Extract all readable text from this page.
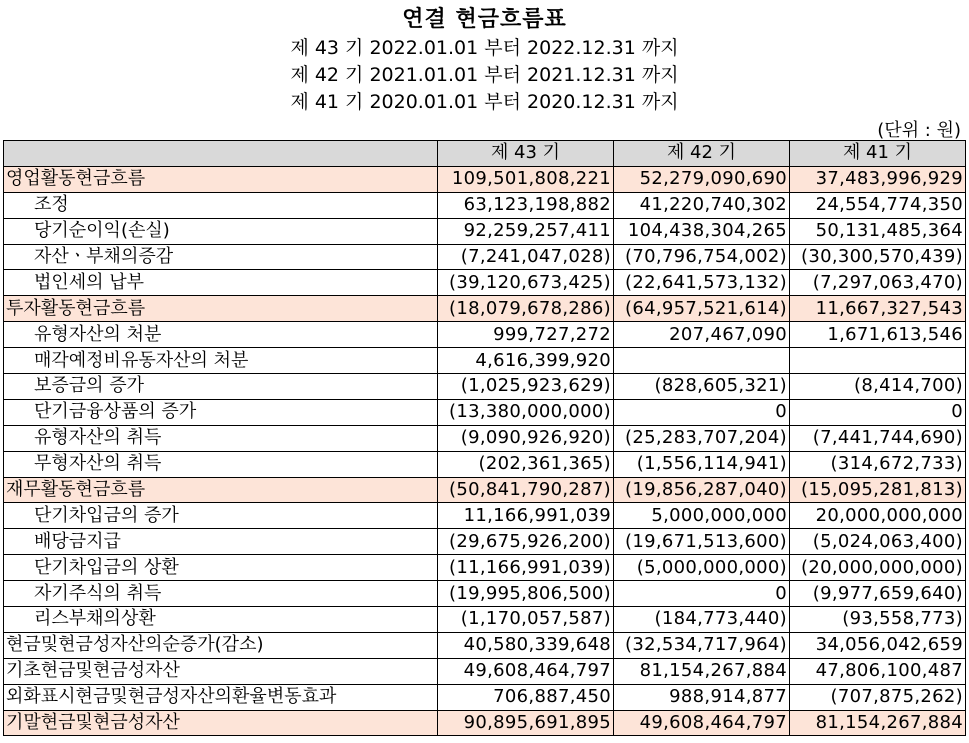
연결 현금흐름표
제 43 기 2022.01.01 부터 2022.12.31 까지
제 42 기 2021.01.01 부터 2021.12.31 까지
제 41 기 2020.01.01 부터 2020.12.31 까지
(단위 : 원)
	제 43 기	제 42 기	제 41 기
영업활동현금흐름	109,501,808,221	52,279,090,690	37,483,996,929
조정	63,123,198,882	41,220,740,302	24,554,774,350
당기순이익(손실)	92,259,257,411	104,438,304,265	50,131,485,364
자산ㆍ부채의증감	(7,241,047,028)	(70,796,754,002)	(30,300,570,439)
법인세의 납부	(39,120,673,425)	(22,641,573,132)	(7,297,063,470)
투자활동현금흐름	(18,079,678,286)	(64,957,521,614)	11,667,327,543
유형자산의 처분	999,727,272	207,467,090	1,671,613,546
매각예정비유동자산의 처분	4,616,399,920		
보증금의 증가	(1,025,923,629)	(828,605,321)	(8,414,700)
단기금융상품의 증가	(13,380,000,000)	0	0
유형자산의 취득	(9,090,926,920)	(25,283,707,204)	(7,441,744,690)
무형자산의 취득	(202,361,365)	(1,556,114,941)	(314,672,733)
재무활동현금흐름	(50,841,790,287)	(19,856,287,040)	(15,095,281,813)
단기차입금의 증가	11,166,991,039	5,000,000,000	20,000,000,000
배당금지급	(29,675,926,200)	(19,671,513,600)	(5,024,063,400)
단기차입금의 상환	(11,166,991,039)	(5,000,000,000)	(20,000,000,000)
자기주식의 취득	(19,995,806,500)	0	(9,977,659,640)
리스부채의상환	(1,170,057,587)	(184,773,440)	(93,558,773)
현금및현금성자산의순증가(감소)	40,580,339,648	(32,534,717,964)	34,056,042,659
기초현금및현금성자산	49,608,464,797	81,154,267,884	47,806,100,487
외화표시현금및현금성자산의환율변동효과	706,887,450	988,914,877	(707,875,262)
기말현금및현금성자산	90,895,691,895	49,608,464,797	81,154,267,884
